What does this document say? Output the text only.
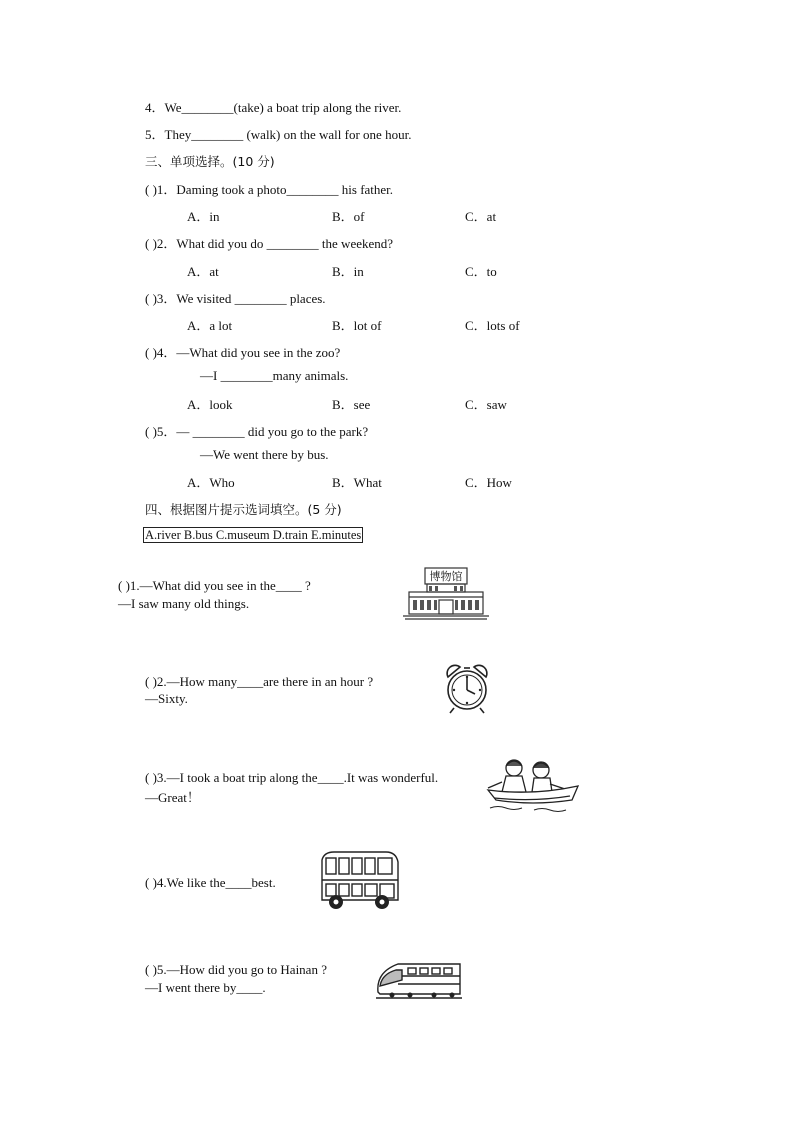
4．We________(take) a boat trip along the river.
5．They________ (walk) on the wall for one hour.
三、单项选择。(10 分)
( )1．Daming took a photo________ his father.
A．in	B．of	C．at
( )2．What did you do ________ the weekend?
A．at	B．in	C．to
( )3．We visited ________ places.
A．a lot	B．lot of	C．lots of
( )4．—What did you see in the zoo?
—I ________many animals.
A．look	B．see	C．saw
( )5．— ________ did you go to the park?
—We went there by bus.
A．Who	B．What	C．How
四、根据图片提示选词填空。(5 分)
A.river B.bus C.museum D.train E.minutes
( )1.—What did you see in the____ ?
—I saw many old things.
博物馆
( )2.—How many____are there in an hour ?
—Sixty.
( )3.—I took a boat trip along the____.It was wonderful.
—Great！
( )4.We like the____best.
( )5.—How did you go to Hainan ?
—I went there by____.
